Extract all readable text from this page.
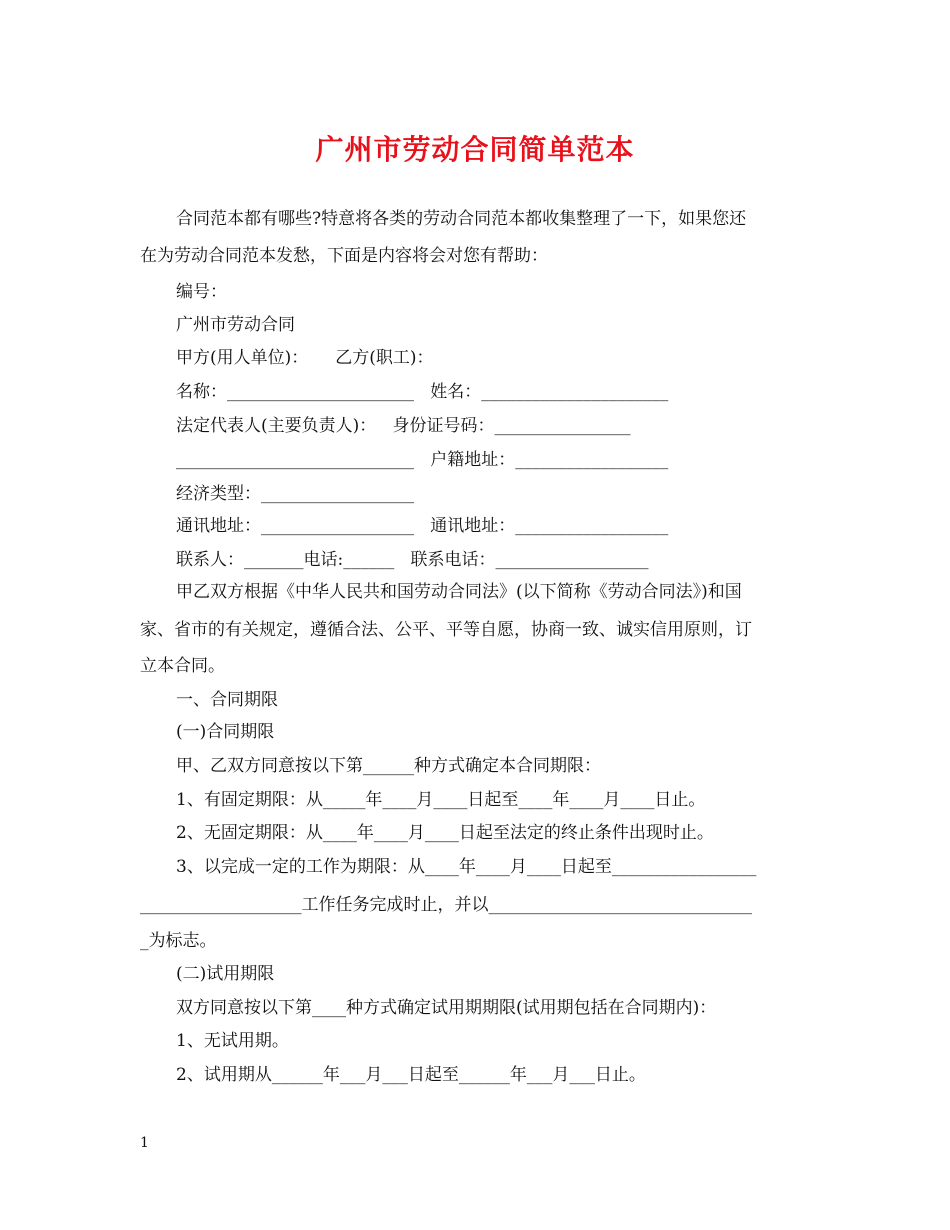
广州市劳动合同简单范本
合同范本都有哪些?特意将各类的劳动合同范本都收集整理了一下，如果您还
在为劳动合同范本发愁，下面是内容将会对您有帮助：
编号：
广州市劳动合同
甲方(用人单位)：     乙方(职工)：
名称：______________________   姓名：______________________
法定代表人(主要负责人)：   身份证号码：________________
____________________________   户籍地址：__________________
经济类型：__________________
通讯地址：__________________   通讯地址：__________________
联系人：_______电话:______   联系电话：__________________
甲乙双方根据《中华人民共和国劳动合同法》(以下简称《劳动合同法》)和国
家、省市的有关规定，遵循合法、公平、平等自愿，协商一致、诚实信用原则，订
立本合同。
一、合同期限
(一)合同期限
甲、乙双方同意按以下第______种方式确定本合同期限：
1、有固定期限：从_____年____月____日起至____年____月____日止。
2、无固定期限：从____年____月____日起至法定的终止条件出现时止。
3、以完成一定的工作为期限：从____年____月____日起至_________________
___________________工作任务完成时止，并以_______________________________
_为标志。
(二)试用期限
双方同意按以下第____种方式确定试用期期限(试用期包括在合同期内)：
1、无试用期。
2、试用期从______年___月___日起至______年___月___日止。
1
